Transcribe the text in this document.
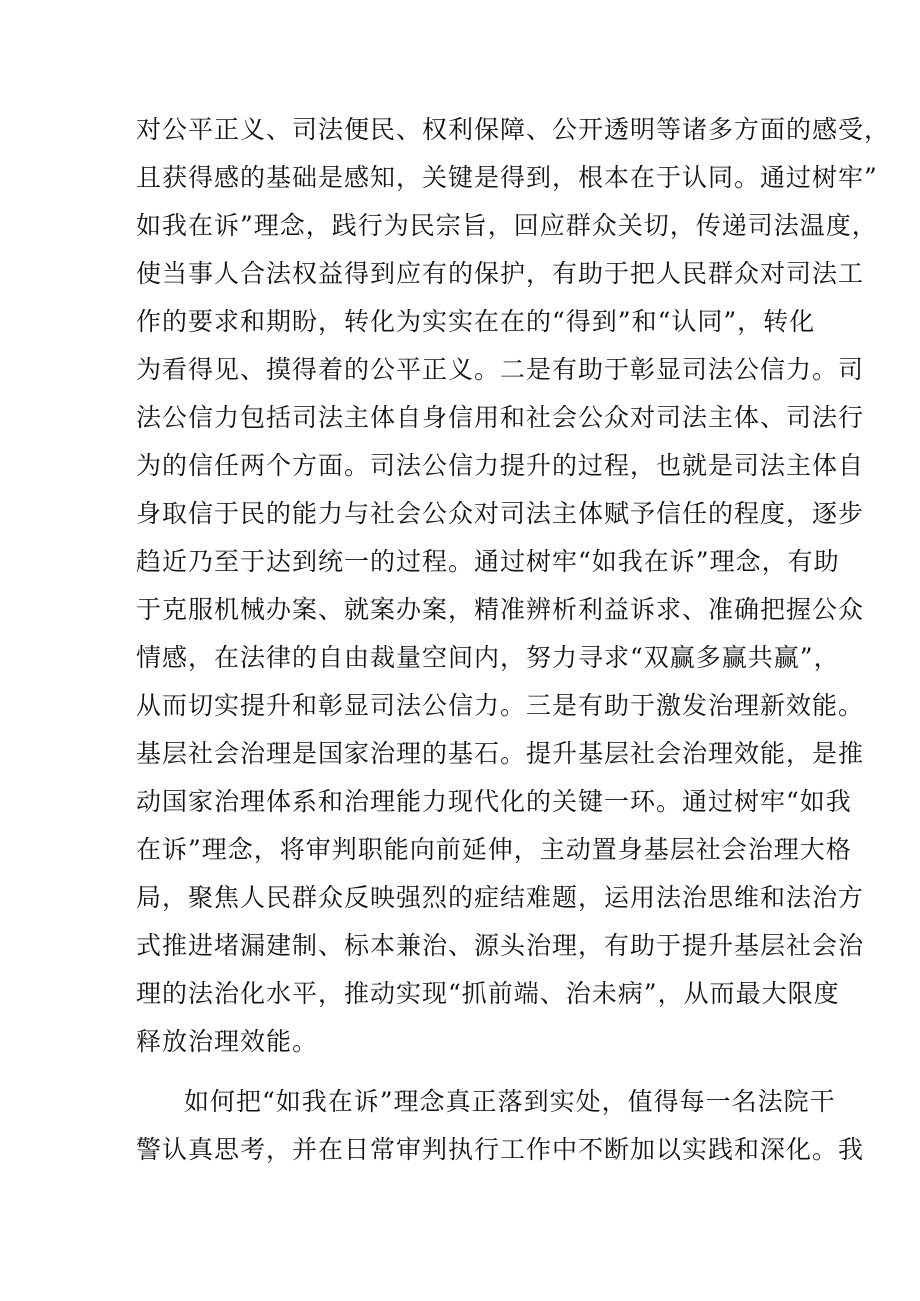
对公平正义、司法便民、权利保障、公开透明等诸多方面的感受，
且获得感的基础是感知，关键是得到，根本在于认同。通过树牢”
如我在诉”理念，践行为民宗旨，回应群众关切，传递司法温度，
使当事人合法权益得到应有的保护，有助于把人民群众对司法工
作的要求和期盼，转化为实实在在的“得到”和“认同”，转化
为看得见、摸得着的公平正义。二是有助于彰显司法公信力。司
法公信力包括司法主体自身信用和社会公众对司法主体、司法行
为的信任两个方面。司法公信力提升的过程，也就是司法主体自
身取信于民的能力与社会公众对司法主体赋予信任的程度，逐步
趋近乃至于达到统一的过程。通过树牢“如我在诉”理念，有助
于克服机械办案、就案办案，精准辨析利益诉求、准确把握公众
情感，在法律的自由裁量空间内，努力寻求“双赢多赢共赢”，
从而切实提升和彰显司法公信力。三是有助于激发治理新效能。
基层社会治理是国家治理的基石。提升基层社会治理效能，是推
动国家治理体系和治理能力现代化的关键一环。通过树牢“如我
在诉”理念，将审判职能向前延伸，主动置身基层社会治理大格
局，聚焦人民群众反映强烈的症结难题，运用法治思维和法治方
式推进堵漏建制、标本兼治、源头治理，有助于提升基层社会治
理的法治化水平，推动实现“抓前端、治未病”，从而最大限度
释放治理效能。
如何把“如我在诉”理念真正落到实处，值得每一名法院干
警认真思考，并在日常审判执行工作中不断加以实践和深化。我
